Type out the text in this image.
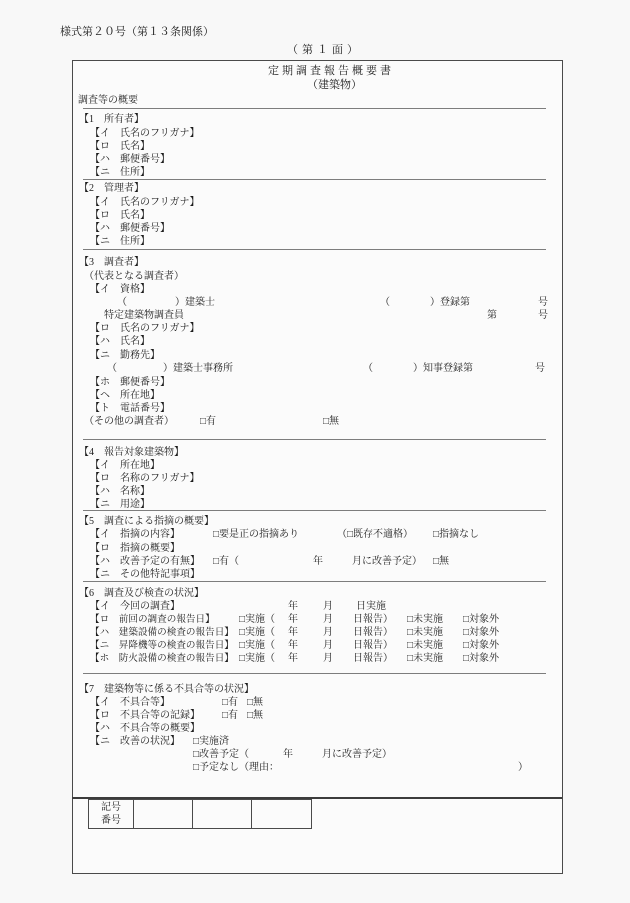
様式第２０号（第１３条関係）
（第１面）
定期調査報告概要書
（建築物）
調査等の概要
【1　所有者】
【イ　氏名のフリガナ】
【ロ　氏名】
【ハ　郵便番号】
【ニ　住所】
【2　管理者】
【イ　氏名のフリガナ】
【ロ　氏名】
【ハ　郵便番号】
【ニ　住所】
【3　調査者】
（代表となる調査者）
【イ　資格】
（	）建築士	（	）登録第	号
特定建築物調査員	第	号
【ロ　氏名のフリガナ】
【ハ　氏名】
【ニ　勤務先】
（	）建築士事務所	（	）知事登録第	号
【ホ　郵便番号】
【ヘ　所在地】
【ト　電話番号】
（その他の調査者）	□有	□無
【4　報告対象建築物】
【イ　所在地】
【ロ　名称のフリガナ】
【ハ　名称】
【ニ　用途】
【5　調査による指摘の概要】
【イ　指摘の内容】	□要是正の指摘あり	（□既存不適格） □指摘なし
【ロ　指摘の概要】
【ハ　改善予定の有無】 □有（	年	月に改善予定） □無
【ニ　その他特記事項】
【6　調査及び検査の状況】
【イ　今回の調査】	年	月 日実施
【ロ　前回の調査の報告日】 □実施（ 年	月 日報告） □未実施 □対象外
【ハ　建築設備の検査の報告日】 □実施（ 年	月 日報告） □未実施 □対象外
【ニ　昇降機等の検査の報告日】 □実施（ 年	月 日報告） □未実施 □対象外
【ホ　防火設備の検査の報告日】 □実施（ 年	月 日報告） □未実施 □対象外
【7　建築物等に係る不具合等の状況】
【イ　不具合等】	□有 □無
【ロ　不具合等の記録】 □有 □無
【ハ　不具合等の概要】
【ニ　改善の状況】 □実施済
□改善予定（	年	月に改善予定）
□予定なし（理由：	）
記号
番号
